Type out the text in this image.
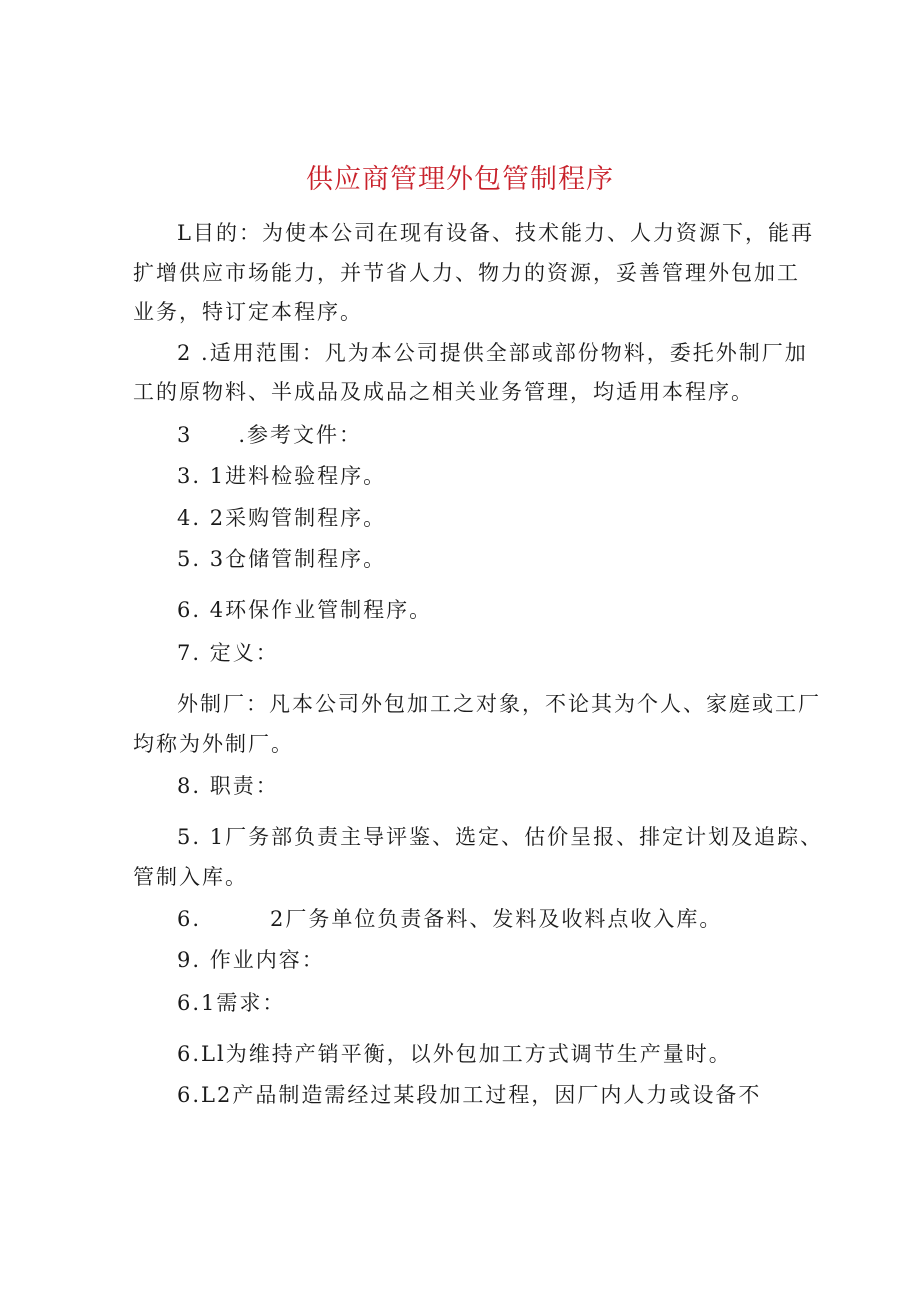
供应商管理外包管制程序
L目的：为使本公司在现有设备、技术能力、人力资源下，能再
扩增供应市场能力，并节省人力、物力的资源，妥善管理外包加工
业务，特订定本程序。
2 .适用范围：凡为本公司提供全部或部份物料，委托外制厂加
工的原物料、半成品及成品之相关业务管理，均适用本程序。
3　　.参考文件：
3. 1进料检验程序。
4. 2采购管制程序。
5. 3仓储管制程序。
6. 4环保作业管制程序。
7. 定义：
外制厂：凡本公司外包加工之对象，不论其为个人、家庭或工厂
均称为外制厂。
8. 职责：
5. 1厂务部负责主导评鉴、选定、估价呈报、排定计划及追踪、
管制入库。
6.　　　2厂务单位负责备料、发料及收料点收入库。
9. 作业内容：
6.1需求：
6.Ll为维持产销平衡，以外包加工方式调节生产量时。
6.L2产品制造需经过某段加工过程，因厂内人力或设备不
